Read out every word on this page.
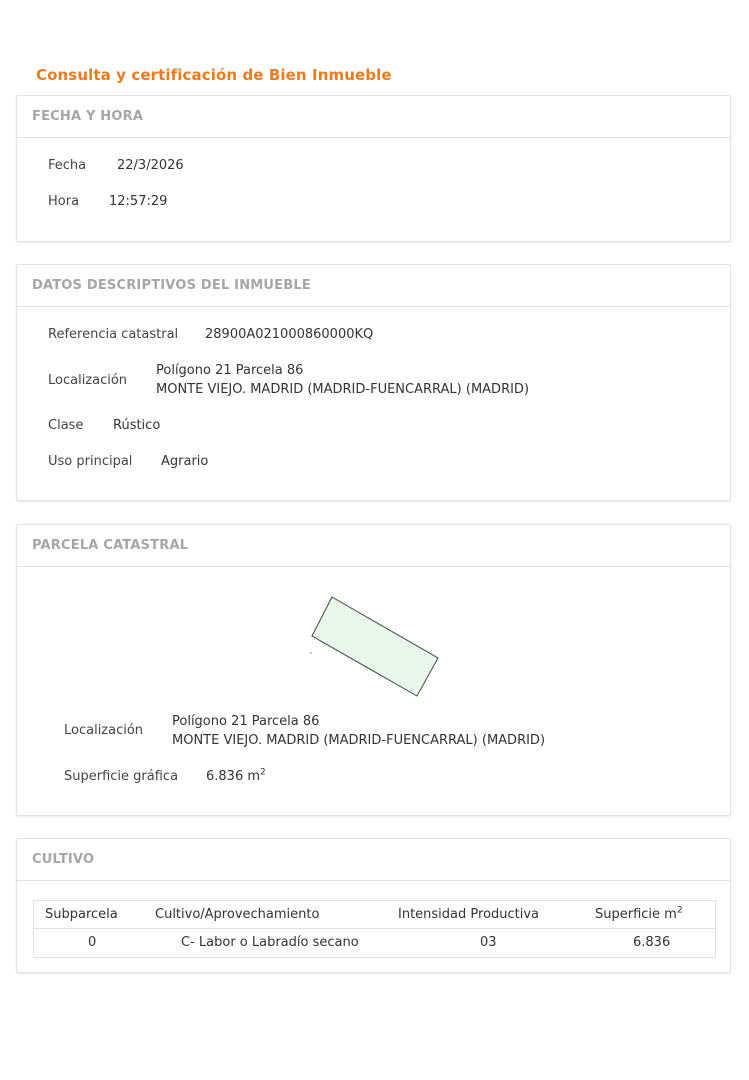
Consulta y certificación de Bien Inmueble
FECHA Y HORA
Fecha 22/3/2026
Hora 12:57:29
DATOS DESCRIPTIVOS DEL INMUEBLE
Referencia catastral 28900A021000860000KQ
Localización
Polígono 21 Parcela 86
MONTE VIEJO. MADRID (MADRID-FUENCARRAL) (MADRID)
Clase Rústico
Uso principal Agrario
PARCELA CATASTRAL
Localización
Polígono 21 Parcela 86
MONTE VIEJO. MADRID (MADRID-FUENCARRAL) (MADRID)
Superficie gráfica 6.836 $m^2$
CULTIVO
Subparcela	Cultivo/Aprovechamiento	Intensidad Productiva	Superficie $m^2$
0	C- Labor o Labradío secano	03	6.836
